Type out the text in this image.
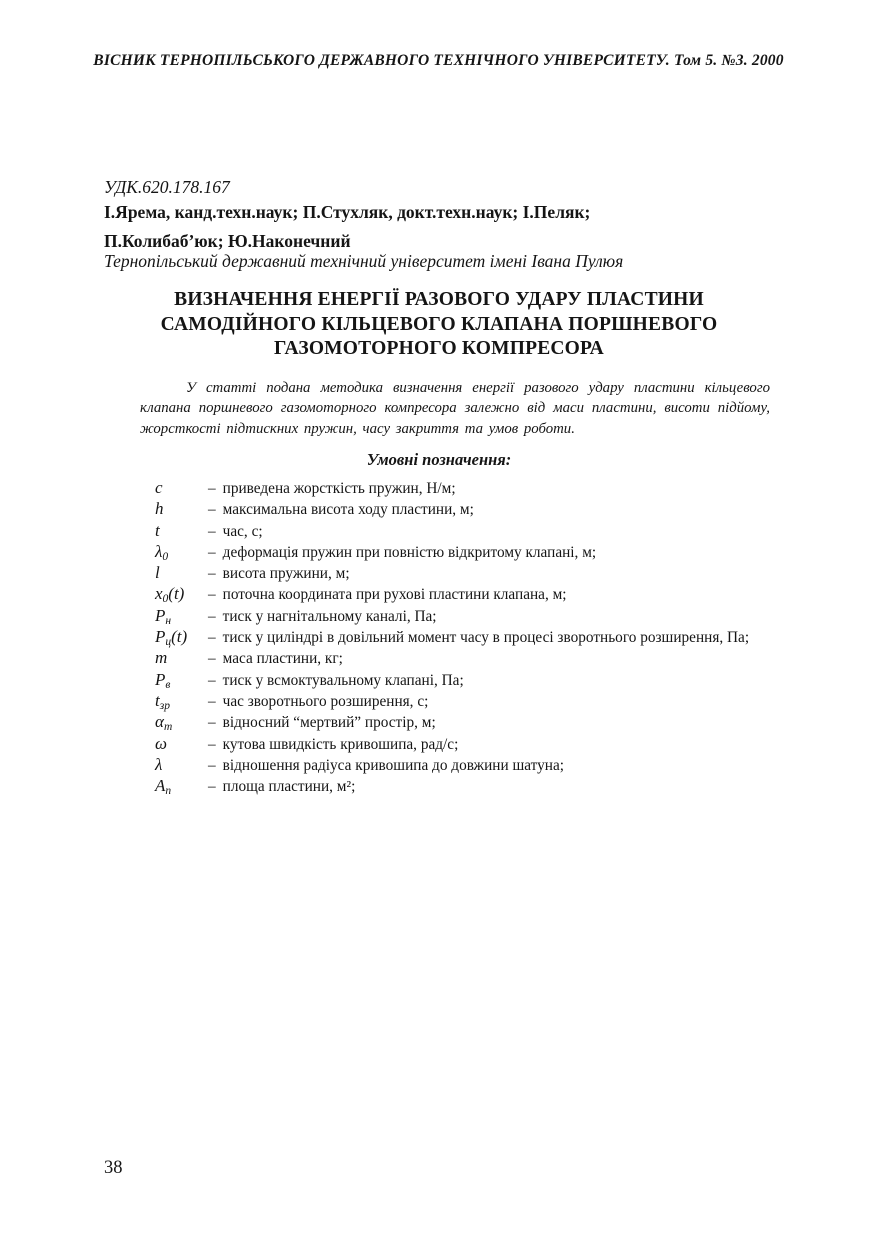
ВІСНИК ТЕРНОПІЛЬСЬКОГО ДЕРЖАВНОГО ТЕХНІЧНОГО УНІВЕРСИТЕТУ. Том 5. №3. 2000
УДК.620.178.167
І.Ярема, канд.техн.наук; П.Стухляк, докт.техн.наук; І.Пеляк;
П.Колибаб’юк; Ю.Наконечний
Тернопільський державний технічний університет імені Івана Пулюя
ВИЗНАЧЕННЯ ЕНЕРГІЇ РАЗОВОГО УДАРУ ПЛАСТИНИ
САМОДІЙНОГО КІЛЬЦЕВОГО КЛАПАНА ПОРШНЕВОГО
ГАЗОМОТОРНОГО КОМПРЕСОРА
У статті подана методика визначення енергії разового удару пластини кільцевого клапана поршневого газомоторного компресора залежно від маси пластини, висоти підйому, жорсткості підтискних пружин, часу закриття та умов роботи.
Умовні позначення:
c	– приведена жорсткість пружин, Н/м;
h	– максимальна висота ходу пластини, м;
t	– час, с;
$\lambda_0$	– деформація пружин при повністю відкритому клапані, м;
l	– висота пружини, м;
$x_0(t)$	– поточна координата при рухові пластини клапана, м;
$P_н$	– тиск у нагнітальному каналі, Па;
$P_ц(t)$	– тиск у циліндрі в довільний момент часу в процесі зворотнього розширення, Па;
m	– маса пластини, кг;
$P_в$	– тиск у всмоктувальному клапані, Па;
$t_{зр}$	– час зворотнього розширення, с;
$\alpha_m$	– відносний “мертвий” простір, м;
ω	– кутова швидкість кривошипа, рад/с;
λ	– відношення радіуса кривошипа до довжини шатуна;
$A_п$	– площа пластини, м²;
38
